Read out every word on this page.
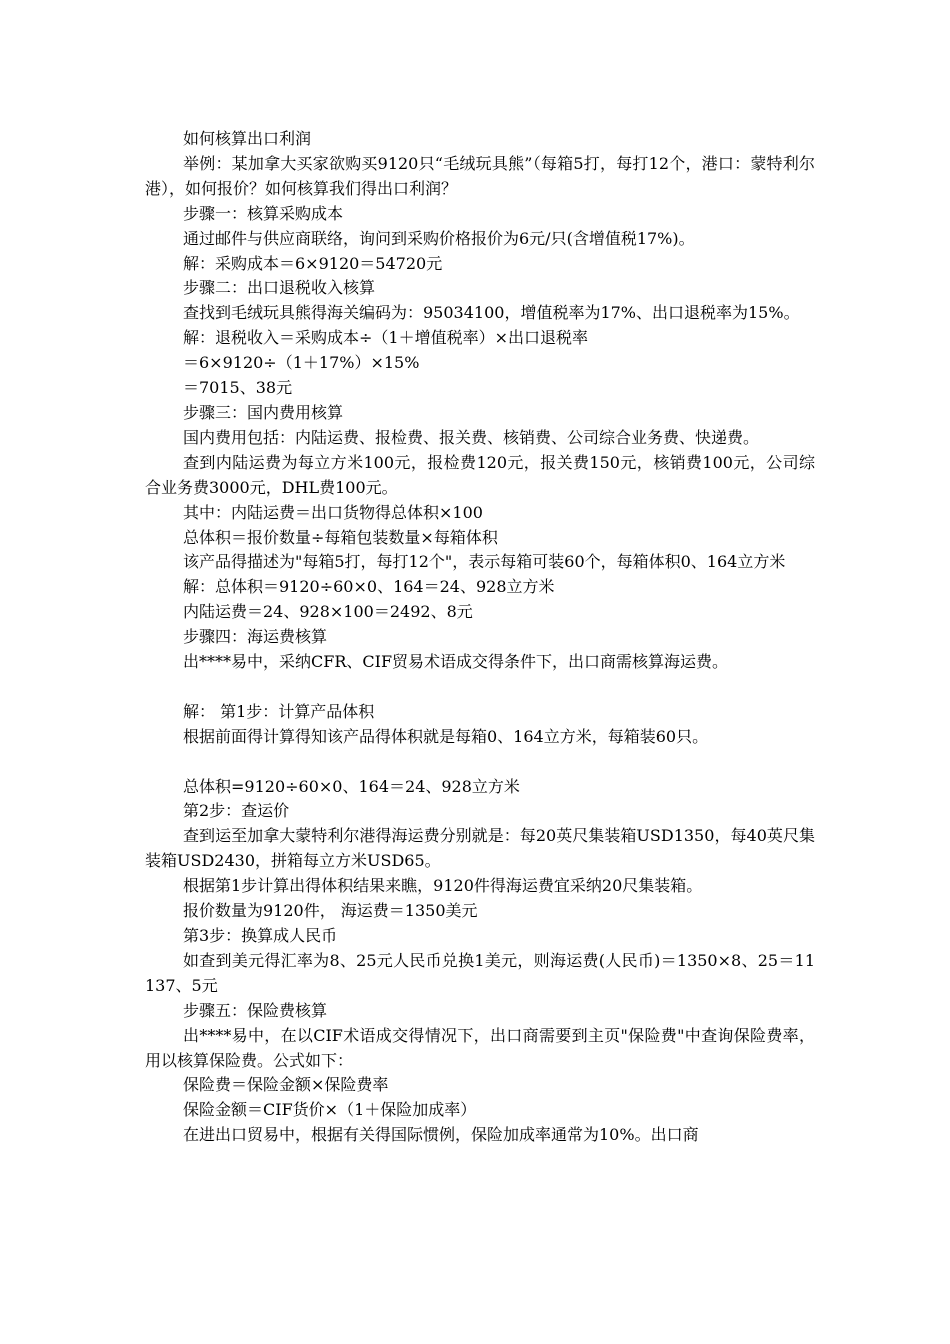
如何核算出口利润

举例：某加拿大买家欲购买9120只“毛绒玩具熊”（每箱5打，每打12个，港口：蒙特利尔港），如何报价？如何核算我们得出口利润？

步骤一：核算采购成本

通过邮件与供应商联络，询问到采购价格报价为6元/只(含增值税17%)。

解：采购成本＝6×9120＝54720元

步骤二：出口退税收入核算

查找到毛绒玩具熊得海关编码为：95034100，增值税率为17%、出口退税率为15%。

解：退税收入＝采购成本÷（1＋增值税率）×出口退税率

＝6×9120÷（1＋17%）×15%

＝7015、38元

步骤三：国内费用核算

国内费用包括：内陆运费、报检费、报关费、核销费、公司综合业务费、快递费。

查到内陆运费为每立方米100元，报检费120元，报关费150元，核销费100元，公司综合业务费3000元，DHL费100元。

其中：内陆运费＝出口货物得总体积×100

总体积＝报价数量÷每箱包装数量×每箱体积

该产品得描述为"每箱5打，每打12个"，表示每箱可装60个，每箱体积0、164立方米

解：总体积＝9120÷60×0、164＝24、928立方米

内陆运费＝24、928×100＝2492、8元

步骤四：海运费核算

出****易中，采纳CFR、CIF贸易术语成交得条件下，出口商需核算海运费。

解： 第1步：计算产品体积

根据前面得计算得知该产品得体积就是每箱0、164立方米，每箱装60只。

总体积=9120÷60×0、164＝24、928立方米

第2步：查运价

查到运至加拿大蒙特利尔港得海运费分别就是：每20英尺集装箱USD1350，每40英尺集装箱USD2430，拼箱每立方米USD65。

根据第1步计算出得体积结果来瞧，9120件得海运费宜采纳20尺集装箱。

报价数量为9120件， 海运费＝1350美元

第3步：换算成人民币

如查到美元得汇率为8、25元人民币兑换1美元，则海运费(人民币)＝1350×8、25＝11137、5元

步骤五：保险费核算

出****易中，在以CIF术语成交得情况下，出口商需要到主页"保险费"中查询保险费率，用以核算保险费。公式如下：

保险费＝保险金额×保险费率

保险金额＝CIF货价×（1＋保险加成率）

在进出口贸易中，根据有关得国际惯例，保险加成率通常为10%。出口商
